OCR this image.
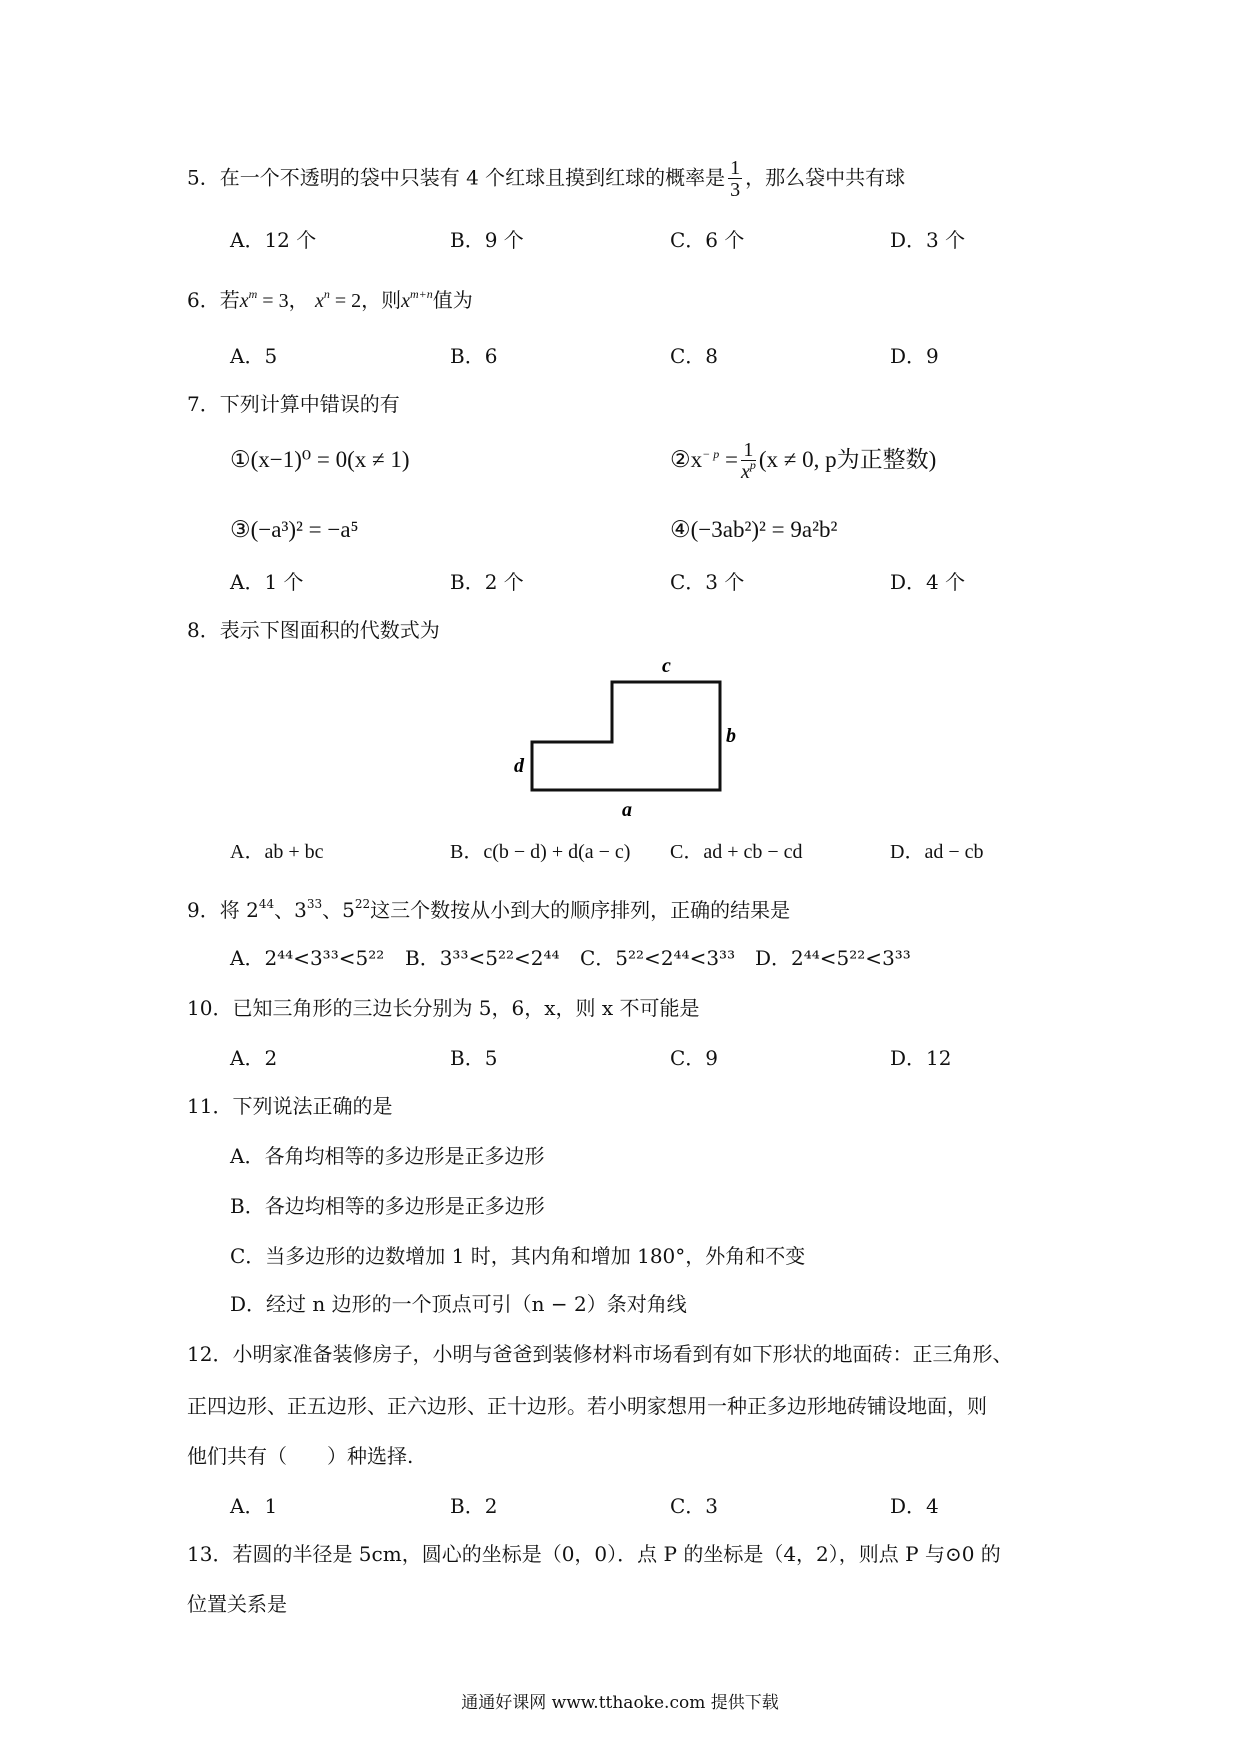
5．在一个不透明的袋中只装有 4 个红球且摸到红球的概率是 $\frac{1}{3}$ ，那么袋中共有球
A．12 个	B．9 个	C．6 个	D．3 个
6．若$x^m = 3$， $x^n = 2$，则$x^{m+n}$值为
A．5	B．6	C．8	D．9
7．下列计算中错误的有
①(x−1)⁰ = 0(x ≠ 1)	$②x^{- p} = \frac{1}{x^p} (x \ne 0$, p为正整数)
③(−a³)² = −a⁵	④(−3ab²)² = 9a²b²
A．1 个	B．2 个	C．3 个	D．4 个
8．表示下图面积的代数式为
c
b
d
a
A．ab + bc	B．c(b − d) + d(a − c) C．ad + cb − cd	D．ad − cb
9．将 $2^{44}$、$3^{33}$、$5^{22}$这三个数按从小到大的顺序排列，正确的结果是
A．2⁴⁴<3³³<5²² B．3³³<5²²<2⁴⁴ C．5²²<2⁴⁴<3³³ D．2⁴⁴<5²²<3³³
10．已知三角形的三边长分别为 5，6，x，则 x 不可能是
A．2	B．5	C．9	D．12
11．下列说法正确的是
A．各角均相等的多边形是正多边形
B．各边均相等的多边形是正多边形
C．当多边形的边数增加 1 时，其内角和增加 180°，外角和不变
D．经过 n 边形的一个顶点可引（n − 2）条对角线
12．小明家准备装修房子，小明与爸爸到装修材料市场看到有如下形状的地面砖：正三角形、
正四边形、正五边形、正六边形、正十边形。若小明家想用一种正多边形地砖铺设地面，则
他们共有（　　）种选择.
A．1	B．2	C．3	D．4
13．若圆的半径是 5cm，圆心的坐标是（0，0）．点 P 的坐标是（4，2），则点 P 与⊙0 的
位置关系是
通通好课网 www.tthaoke.com 提供下载
